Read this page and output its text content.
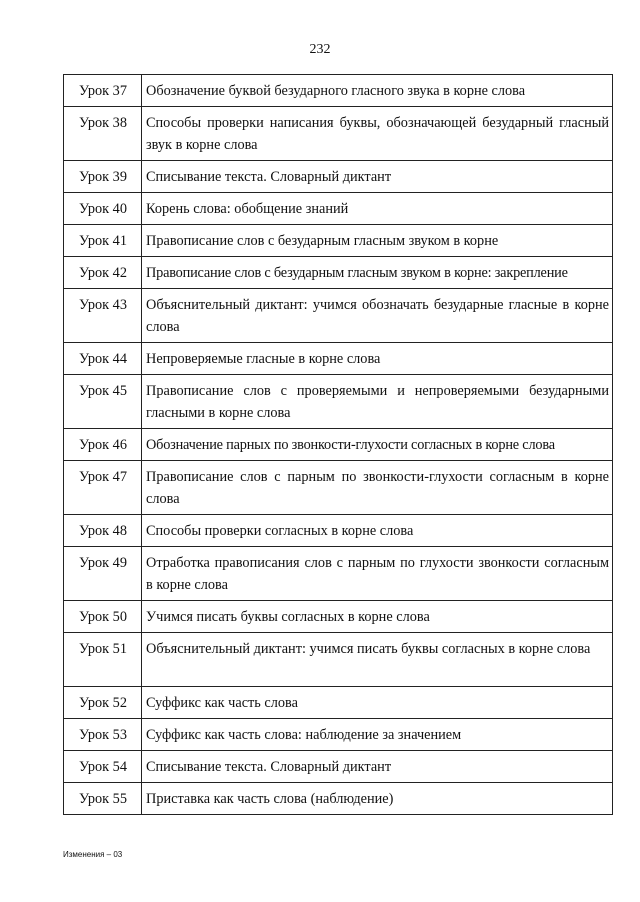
232
Урок 37	Обозначение буквой безударного гласного звука в корне слова
Урок 38	Способы проверки написания буквы, обозначающей безударный гласный звук в корне слова
Урок 39	Списывание текста. Словарный диктант
Урок 40	Корень слова: обобщение знаний
Урок 41	Правописание слов с безударным гласным звуком в корне
Урок 42	Правописание слов с безударным гласным звуком в корне: закрепление
Урок 43	Объяснительный диктант: учимся обозначать безударные гласные в корне слова
Урок 44	Непроверяемые гласные в корне слова
Урок 45	Правописание слов с проверяемыми и непроверяемыми безударными гласными в корне слова
Урок 46	Обозначение парных по звонкости-глухости согласных в корне слова
Урок 47	Правописание слов с парным по звонкости-глухости согласным в корне слова
Урок 48	Способы проверки согласных в корне слова
Урок 49	Отработка правописания слов с парным по глухости звонкости согласным в корне слова
Урок 50	Учимся писать буквы согласных в корне слова
Урок 51	Объяснительный диктант: учимся писать буквы согласных в корне слова
Урок 52	Суффикс как часть слова
Урок 53	Суффикс как часть слова: наблюдение за значением
Урок 54	Списывание текста. Словарный диктант
Урок 55	Приставка как часть слова (наблюдение)
Изменения – 03
